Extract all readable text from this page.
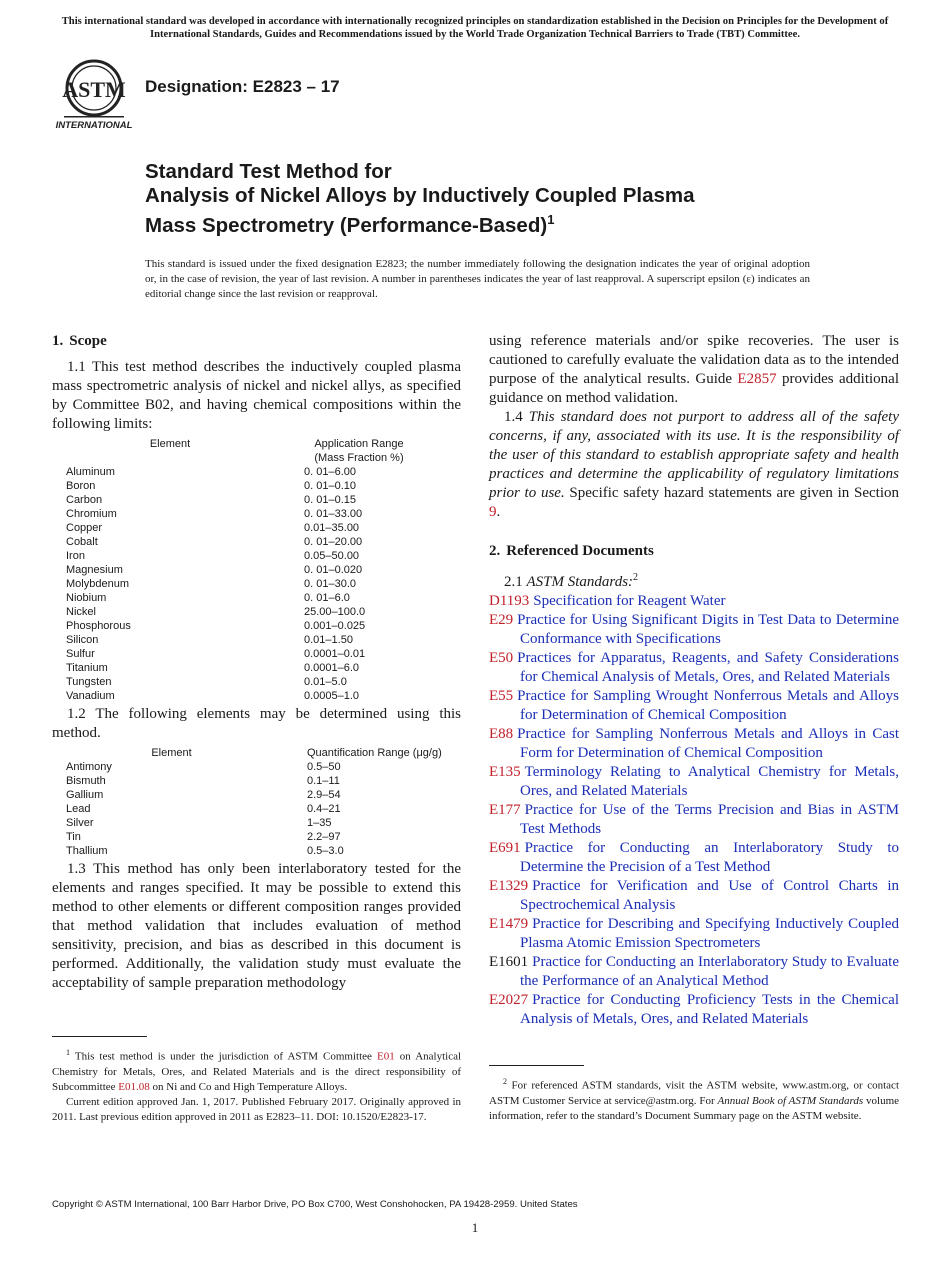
This international standard was developed in accordance with internationally recognized principles on standardization established in the Decision on Principles for the Development of International Standards, Guides and Recommendations issued by the World Trade Organization Technical Barriers to Trade (TBT) Committee.
ASTM
INTERNATIONAL
Designation: E2823 – 17
Standard Test Method for
Analysis of Nickel Alloys by Inductively Coupled Plasma
Mass Spectrometry (Performance-Based)$^1$
This standard is issued under the fixed designation E2823; the number immediately following the designation indicates the year of original adoption or, in the case of revision, the year of last revision. A number in parentheses indicates the year of last reapproval. A superscript epsilon (ε) indicates an editorial change since the last revision or reapproval.
1. Scope

1.1 This test method describes the inductively coupled plasma mass spectrometric analysis of nickel and nickel allys, as specified by Committee B02, and having chemical compositions within the following limits:

Element	Application Range (Mass Fraction %)
Aluminum	0. 01–6.00
Boron	0. 01–0.10
Carbon	0. 01–0.15
Chromium	0. 01–33.00
Copper	0.01–35.00
Cobalt	0. 01–20.00
Iron	0.05–50.00
Magnesium	0. 01–0.020
Molybdenum	0. 01–30.0
Niobium	0. 01–6.0
Nickel	25.00–100.0
Phosphorous	0.001–0.025
Silicon	0.01–1.50
Sulfur	0.0001–0.01
Titanium	0.0001–6.0
Tungsten	0.01–5.0
Vanadium	0.0005–1.0

1.2 The following elements may be determined using this method.

Element	Quantification Range (μg/g)
Antimony	0.5–50
Bismuth	0.1–11
Gallium	2.9–54
Lead	0.4–21
Silver	1–35
Tin	2.2–97
Thallium	0.5–3.0

1.3 This method has only been interlaboratory tested for the elements and ranges specified. It may be possible to extend this method to other elements or different composition ranges provided that method validation that includes evaluation of method sensitivity, precision, and bias as described in this document is performed. Additionally, the validation study must evaluate the acceptability of sample preparation methodology

using reference materials and/or spike recoveries. The user is cautioned to carefully evaluate the validation data as to the intended purpose of the analytical results. Guide E2857 provides additional guidance on method validation.

1.4 This standard does not purport to address all of the safety concerns, if any, associated with its use. It is the responsibility of the user of this standard to establish appropriate safety and health practices and determine the applicability of regulatory limitations prior to use. Specific safety hazard statements are given in Section 9.

2. Referenced Documents

2.1 ASTM Standards:$^2$

D1193 Specification for Reagent Water

E29 Practice for Using Significant Digits in Test Data to Determine Conformance with Specifications

E50 Practices for Apparatus, Reagents, and Safety Considerations for Chemical Analysis of Metals, Ores, and Related Materials

E55 Practice for Sampling Wrought Nonferrous Metals and Alloys for Determination of Chemical Composition

E88 Practice for Sampling Nonferrous Metals and Alloys in Cast Form for Determination of Chemical Composition

E135 Terminology Relating to Analytical Chemistry for Metals, Ores, and Related Materials

E177 Practice for Use of the Terms Precision and Bias in ASTM Test Methods

E691 Practice for Conducting an Interlaboratory Study to Determine the Precision of a Test Method

E1329 Practice for Verification and Use of Control Charts in Spectrochemical Analysis

E1479 Practice for Describing and Specifying Inductively Coupled Plasma Atomic Emission Spectrometers

E1601 Practice for Conducting an Interlaboratory Study to Evaluate the Performance of an Analytical Method

E2027 Practice for Conducting Proficiency Tests in the Chemical Analysis of Metals, Ores, and Related Materials

$^1$ This test method is under the jurisdiction of ASTM Committee E01 on Analytical Chemistry for Metals, Ores, and Related Materials and is the direct responsibility of Subcommittee E01.08 on Ni and Co and High Temperature Alloys.

Current edition approved Jan. 1, 2017. Published February 2017. Originally approved in 2011. Last previous edition approved in 2011 as E2823–11. DOI: 10.1520/E2823-17.

$^2$ For referenced ASTM standards, visit the ASTM website, www.astm.org, or contact ASTM Customer Service at service@astm.org. For Annual Book of ASTM Standards volume information, refer to the standard’s Document Summary page on the ASTM website.

Copyright © ASTM International, 100 Barr Harbor Drive, PO Box C700, West Conshohocken, PA 19428-2959. United States
1
